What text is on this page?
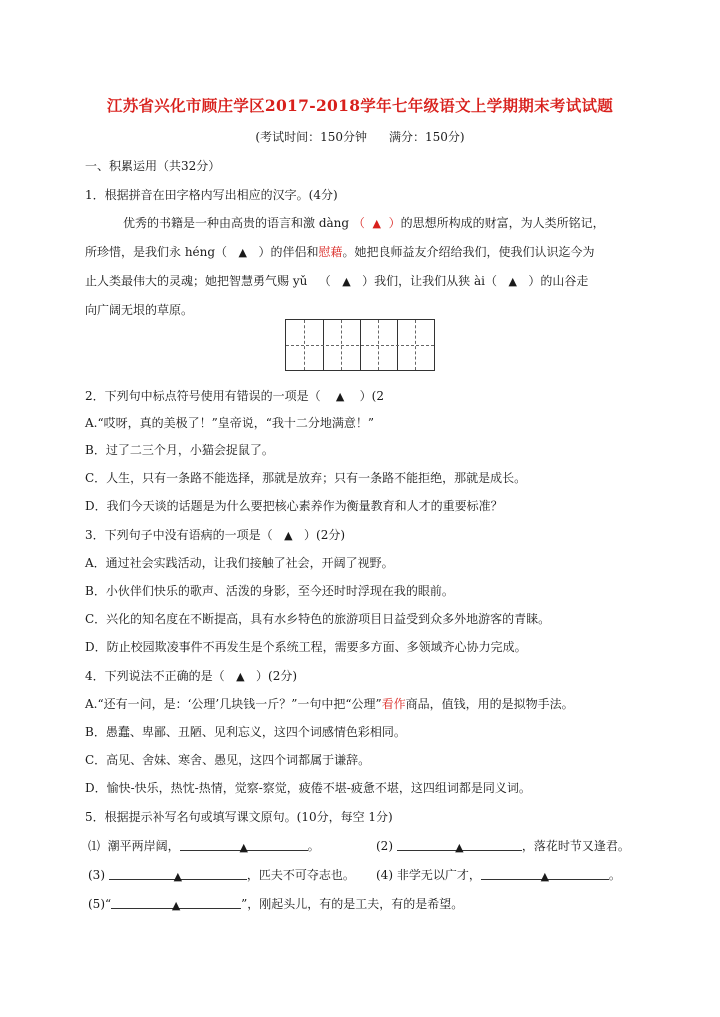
江苏省兴化市顾庄学区2017-2018学年七年级语文上学期期末考试试题
(考试时间：150分钟 满分：150分)
一、积累运用（共32分）
1．根据拼音在田字格内写出相应的汉字。(4分)
优秀的书籍是一种由高贵的语言和激 dàng （ ▲ ）的思想所构成的财富，为人类所铭记，
所珍惜，是我们永 héng（ ▲ ）的伴侣和慰藉。她把良师益友介绍给我们，使我们认识迄今为
止人类最伟大的灵魂；她把智慧勇气赐 yǔ （ ▲ ）我们，让我们从狭 ài（ ▲ ）的山谷走
向广阔无垠的草原。
2．下列句中标点符号使用有错误的一项是（ ▲ ）(2
A.“哎呀，真的美极了！”皇帝说，“我十二分地满意！”
B．过了二三个月，小猫会捉鼠了。
C．人生，只有一条路不能选择，那就是放弃；只有一条路不能拒绝，那就是成长。
D．我们今天谈的话题是为什么要把核心素养作为衡量教育和人才的重要标准？
3．下列句子中没有语病的一项是（ ▲ ）(2分)
A．通过社会实践活动，让我们接触了社会，开阔了视野。
B．小伙伴们快乐的歌声、活泼的身影，至今还时时浮现在我的眼前。
C．兴化的知名度在不断提高，具有水乡特色的旅游项目日益受到众多外地游客的青睐。
D．防止校园欺凌事件不再发生是个系统工程，需要多方面、多领域齐心协力完成。
4．下列说法不正确的是（ ▲ ）(2分)
A.“还有一问，是：‘公理’几块钱一斤？”一句中把“公理”看作商品，值钱，用的是拟物手法。
B．愚蠢、卑鄙、丑陋、见利忘义，这四个词感情色彩相同。
C．高见、舍妹、寒舍、愚见，这四个词都属于谦辞。
D．愉快-快乐，热忱-热情，觉察-察觉，疲倦不堪-疲惫不堪，这四组词都是同义词。
5．根据提示补写名句或填写课文原句。(10分，每空 1分)
⑴ 潮平两岸阔，	▲	。	(2)	▲	，落花时节又逢君。
(3)	▲	，匹夫不可夺志也。 (4) 非学无以广才，	▲	。
(5)“	▲	”，刚起头儿，有的是工夫，有的是希望。
